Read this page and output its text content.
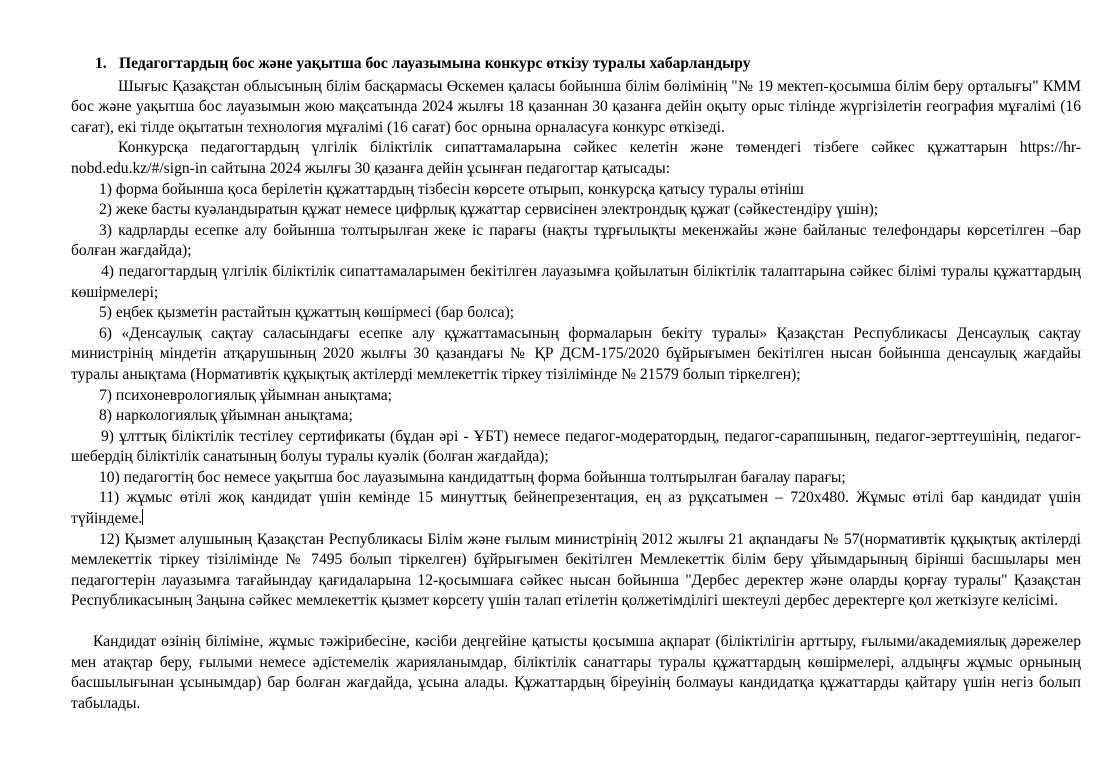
1. Педагогтардың бос және уақытша бос лауазымына конкурс өткізу туралы хабарландыру

Шығыс Қазақстан облысының білім басқармасы Өскемен қаласы бойынша білім бөлімінің "№ 19 мектеп-қосымша білім беру орталығы" КММ бос және уақытша бос лауазымын жою мақсатында 2024 жылғы 18 қазаннан 30 қазанға дейін оқыту орыс тілінде жүргізілетін география мұғалімі (16 сағат), екі тілде оқытатын технология мұғалімі (16 сағат) бос орнына орналасуға конкурс өткізеді.

Конкурсқа педагогтардың үлгілік біліктілік сипаттамаларына сәйкес келетін және төмендегі тізбеге сәйкес құжаттарын https://hr-nobd.edu.kz/#/sign-in сайтына 2024 жылғы 30 қазанға дейін ұсынған педагогтар қатысады:

1) форма бойынша қоса берілетін құжаттардың тізбесін көрсете отырып, конкурсқа қатысу туралы өтініш

2) жеке басты куәландыратын құжат немесе цифрлық құжаттар сервисінен электрондық құжат (сәйкестендіру үшін);

3) кадрларды есепке алу бойынша толтырылған жеке іс парағы (нақты тұрғылықты мекенжайы және байланыс телефондары көрсетілген –бар болған жағдайда);

4) педагогтардың үлгілік біліктілік сипаттамаларымен бекітілген лауазымға қойылатын біліктілік талаптарына сәйкес білімі туралы құжаттардың көшірмелері;

5) еңбек қызметін растайтын құжаттың көшірмесі (бар болса);

6) «Денсаулық сақтау саласындағы есепке алу құжаттамасының формаларын бекіту туралы» Қазақстан Республикасы Денсаулық сақтау министрінің міндетін атқарушының 2020 жылғы 30 қазандағы № ҚР ДСМ-175/2020 бұйрығымен бекітілген нысан бойынша денсаулық жағдайы туралы анықтама (Нормативтік құқықтық актілерді мемлекеттік тіркеу тізілімінде № 21579 болып тіркелген);

7) психоневрологиялық ұйымнан анықтама;

8) наркологиялық ұйымнан анықтама;

9) ұлттық біліктілік тестілеу сертификаты (бұдан әрі - ҰБТ) немесе педагог-модератордың, педагог-сарапшының, педагог-зерттеушінің, педагог-шебердің біліктілік санатының болуы туралы куәлік (болған жағдайда);

10) педагогтің бос немесе уақытша бос лауазымына кандидаттың форма бойынша толтырылған бағалау парағы;

11) жұмыс өтілі жоқ кандидат үшін кемінде 15 минуттық бейнепрезентация, ең аз рұқсатымен – 720x480. Жұмыс өтілі бар кандидат үшін түйіндеме.

12) Қызмет алушының Қазақстан Республикасы Білім және ғылым министрінің 2012 жылғы 21 ақпандағы № 57(нормативтік құқықтық актілерді мемлекеттік тіркеу тізілімінде № 7495 болып тіркелген) бұйрығымен бекітілген Мемлекеттік білім беру ұйымдарының бірінші басшылары мен педагогтерін лауазымға тағайындау қағидаларына 12-қосымшаға сәйкес нысан бойынша "Дербес деректер және оларды қорғау туралы" Қазақстан Республикасының Заңына сәйкес мемлекеттік қызмет көрсету үшін талап етілетін қолжетімділігі шектеулі дербес деректерге қол жеткізуге келісімі.

Кандидат өзінің біліміне, жұмыс тәжірибесіне, кәсіби деңгейіне қатысты қосымша ақпарат (біліктілігін арттыру, ғылыми/академиялық дәрежелер мен атақтар беру, ғылыми немесе әдістемелік жарияланымдар, біліктілік санаттары туралы құжаттардың көшірмелері, алдыңғы жұмыс орнының басшылығынан ұсынымдар) бар болған жағдайда, ұсына алады. Құжаттардың біреуінің болмауы кандидатқа құжаттарды қайтару үшін негіз болып табылады.
